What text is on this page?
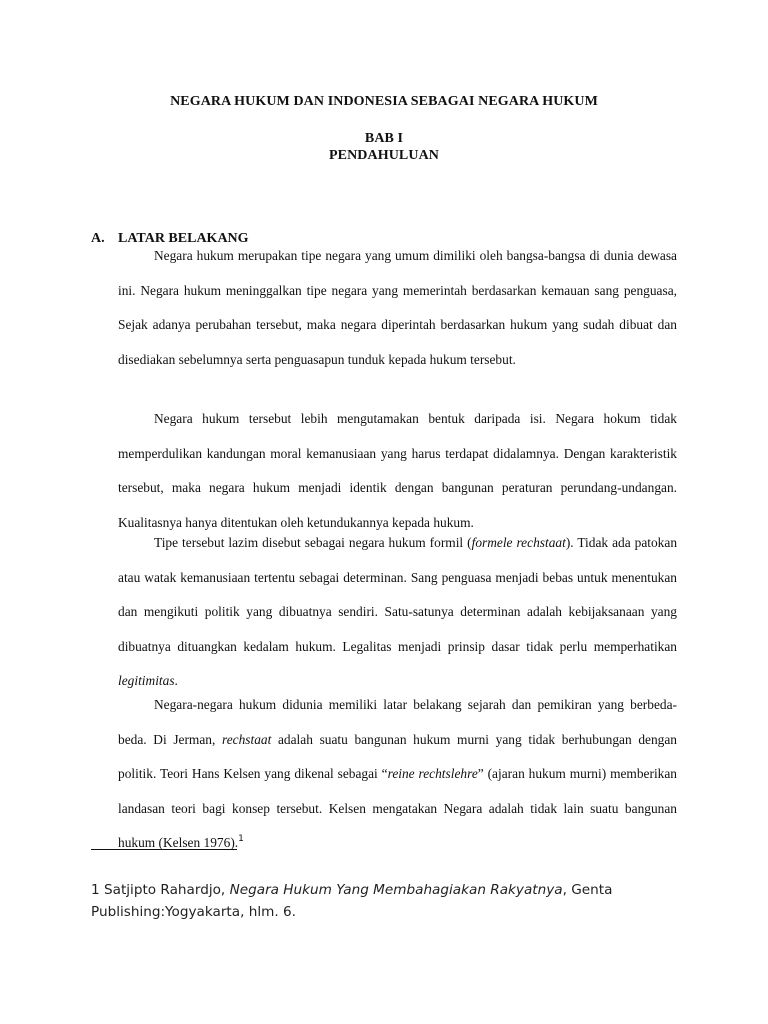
NEGARA HUKUM DAN INDONESIA SEBAGAI NEGARA HUKUM
BAB I
PENDAHULUAN
A. LATAR BELAKANG

Negara hukum merupakan tipe negara yang umum dimiliki oleh bangsa-bangsa di dunia dewasa ini. Negara hukum meninggalkan tipe negara yang memerintah berdasarkan kemauan sang penguasa, Sejak adanya perubahan tersebut, maka negara diperintah berdasarkan hukum yang sudah dibuat dan disediakan sebelumnya serta penguasapun tunduk kepada hukum tersebut.

Negara hukum tersebut lebih mengutamakan bentuk daripada isi. Negara hokum tidak memperdulikan kandungan moral kemanusiaan yang harus terdapat didalamnya. Dengan karakteristik tersebut, maka negara hukum menjadi identik dengan bangunan peraturan perundang-undangan. Kualitasnya hanya ditentukan oleh ketundukannya kepada hukum.

Tipe tersebut lazim disebut sebagai negara hukum formil (formele rechstaat). Tidak ada patokan atau watak kemanusiaan tertentu sebagai determinan. Sang penguasa menjadi bebas untuk menentukan dan mengikuti politik yang dibuatnya sendiri. Satu-satunya determinan adalah kebijaksanaan yang dibuatnya dituangkan kedalam hukum. Legalitas menjadi prinsip dasar tidak perlu memperhatikan legitimitas.

Negara-negara hukum didunia memiliki latar belakang sejarah dan pemikiran yang berbeda-beda. Di Jerman, rechstaat adalah suatu bangunan hukum murni yang tidak berhubungan dengan politik. Teori Hans Kelsen yang dikenal sebagai “reine rechtslehre” (ajaran hukum murni) memberikan landasan teori bagi konsep tersebut. Kelsen mengatakan Negara adalah tidak lain suatu bangunan hukum (Kelsen 1976).$^1$

1 Satjipto Rahardjo, Negara Hukum Yang Membahagiakan Rakyatnya, Genta Publishing:Yogyakarta, hlm. 6.
